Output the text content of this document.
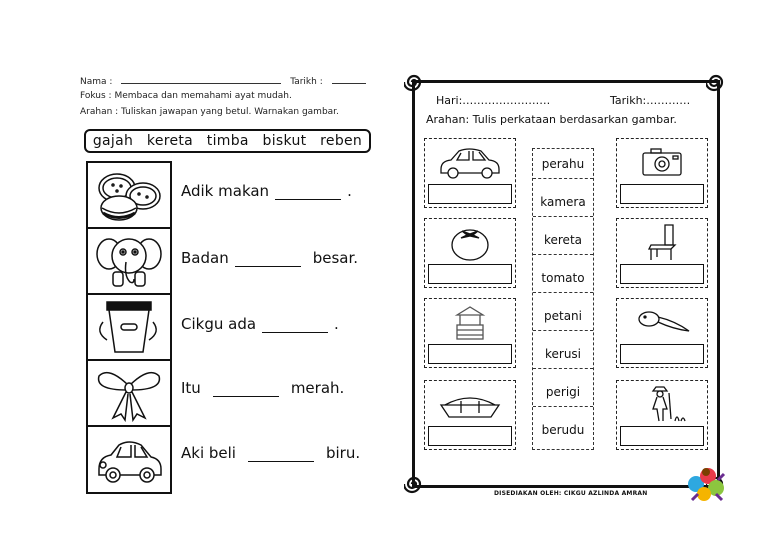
Nama :	Tarikh :
Fokus : Membaca dan memahami ayat mudah.
Arahan : Tuliskan jawapan yang betul. Warnakan gambar.
gajah kereta timba biskut reben
Adik makan	.
Badan	besar.
Cikgu ada	.
Itu	merah.
Aki beli	biru.
Hari:……………………	Tarikh:…………
Arahan: Tulis perkataan berdasarkan gambar.
perahu
kamera
kereta
tomato
petani
kerusi
perigi
berudu
DISEDIAKAN OLEH: CIKGU AZLINDA AMRAN
